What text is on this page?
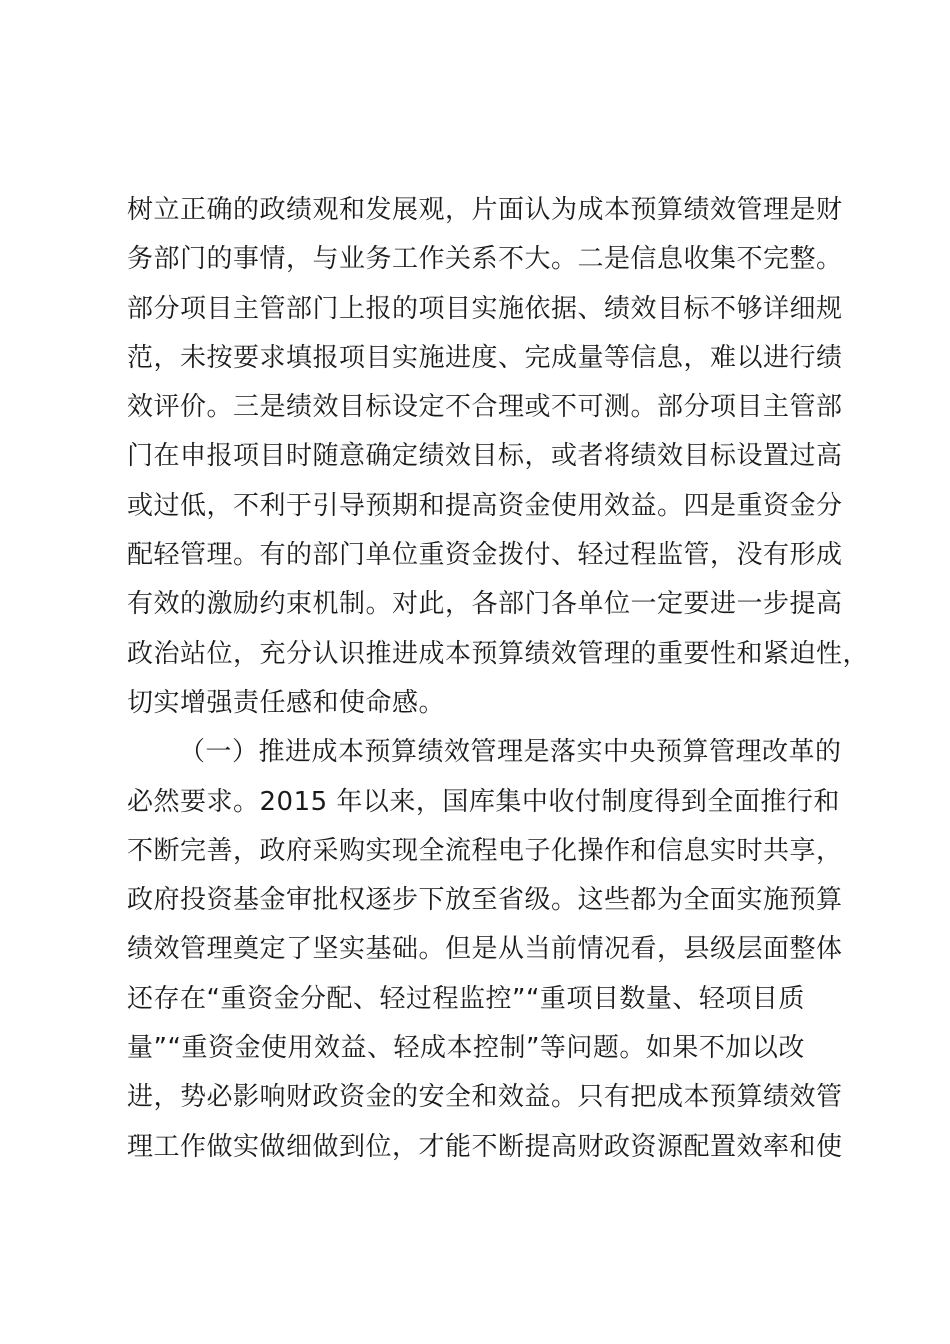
树立正确的政绩观和发展观，片面认为成本预算绩效管理是财
务部门的事情，与业务工作关系不大。二是信息收集不完整。
部分项目主管部门上报的项目实施依据、绩效目标不够详细规
范，未按要求填报项目实施进度、完成量等信息，难以进行绩
效评价。三是绩效目标设定不合理或不可测。部分项目主管部
门在申报项目时随意确定绩效目标，或者将绩效目标设置过高
或过低，不利于引导预期和提高资金使用效益。四是重资金分
配轻管理。有的部门单位重资金拨付、轻过程监管，没有形成
有效的激励约束机制。对此，各部门各单位一定要进一步提高
政治站位，充分认识推进成本预算绩效管理的重要性和紧迫性，
切实增强责任感和使命感。
（一）推进成本预算绩效管理是落实中央预算管理改革的
必然要求。2015 年以来，国库集中收付制度得到全面推行和
不断完善，政府采购实现全流程电子化操作和信息实时共享，
政府投资基金审批权逐步下放至省级。这些都为全面实施预算
绩效管理奠定了坚实基础。但是从当前情况看，县级层面整体
还存在“重资金分配、轻过程监控”“重项目数量、轻项目质
量”“重资金使用效益、轻成本控制”等问题。如果不加以改
进，势必影响财政资金的安全和效益。只有把成本预算绩效管
理工作做实做细做到位，才能不断提高财政资源配置效率和使
